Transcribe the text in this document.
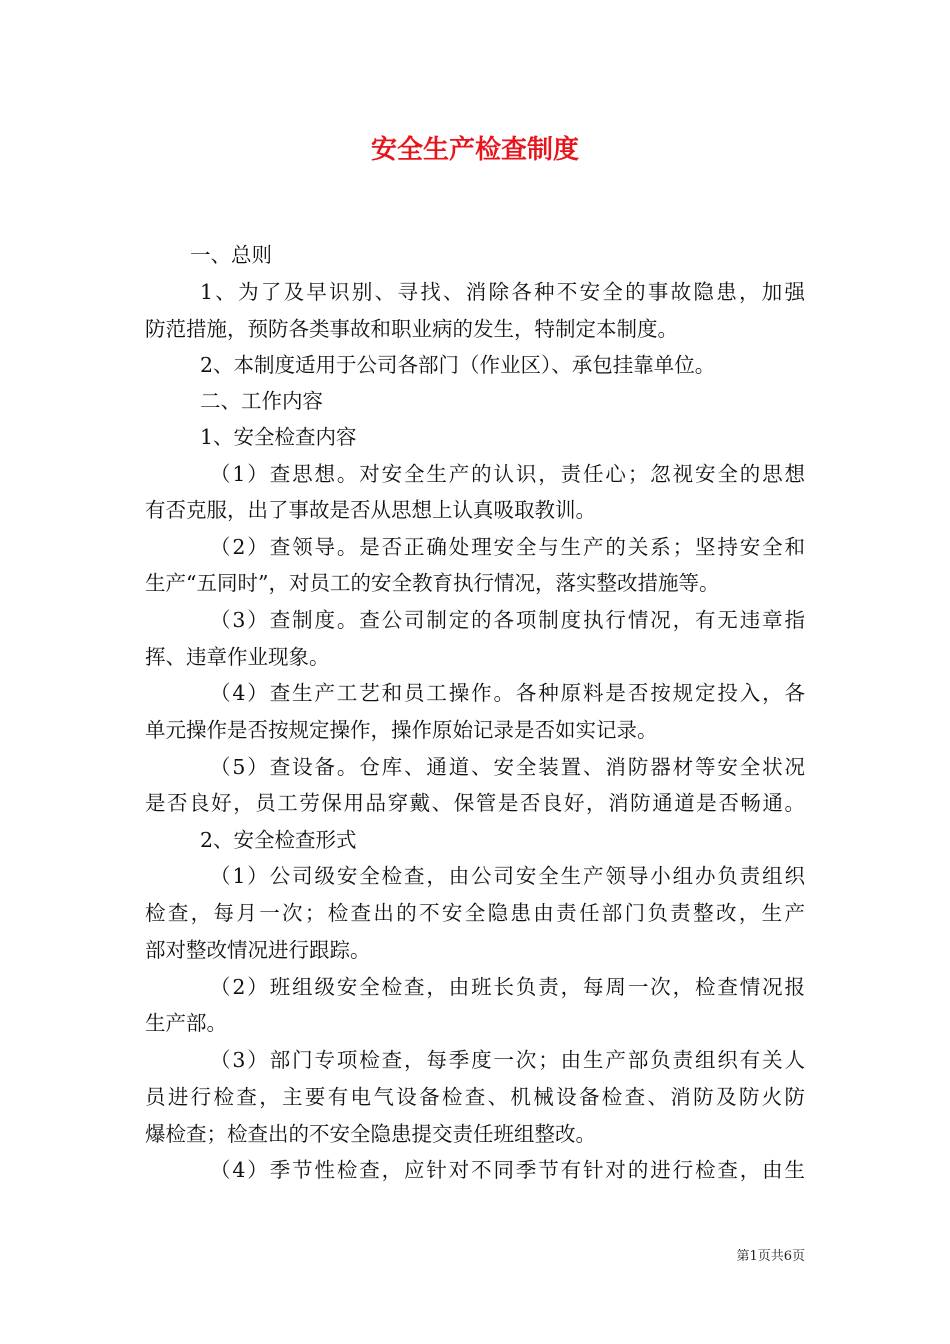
安全生产检查制度
一、总则
1、为了及早识别、寻找、消除各种不安全的事故隐患，加强
防范措施，预防各类事故和职业病的发生，特制定本制度。
2、本制度适用于公司各部门（作业区）、承包挂靠单位。
二、工作内容
1、安全检查内容
（1）查思想。对安全生产的认识，责任心；忽视安全的思想
有否克服，出了事故是否从思想上认真吸取教训。
（2）查领导。是否正确处理安全与生产的关系；坚持安全和
生产“五同时”，对员工的安全教育执行情况，落实整改措施等。
（3）查制度。查公司制定的各项制度执行情况，有无违章指
挥、违章作业现象。
（4）查生产工艺和员工操作。各种原料是否按规定投入，各
单元操作是否按规定操作，操作原始记录是否如实记录。
（5）查设备。仓库、通道、安全装置、消防器材等安全状况
是否良好，员工劳保用品穿戴、保管是否良好，消防通道是否畅通。
2、安全检查形式
（1）公司级安全检查，由公司安全生产领导小组办负责组织
检查，每月一次；检查出的不安全隐患由责任部门负责整改，生产
部对整改情况进行跟踪。
（2）班组级安全检查，由班长负责，每周一次，检查情况报
生产部。
（3）部门专项检查，每季度一次；由生产部负责组织有关人
员进行检查，主要有电气设备检查、机械设备检查、消防及防火防
爆检查；检查出的不安全隐患提交责任班组整改。
（4）季节性检查，应针对不同季节有针对的进行检查，由生
第1页共6页
